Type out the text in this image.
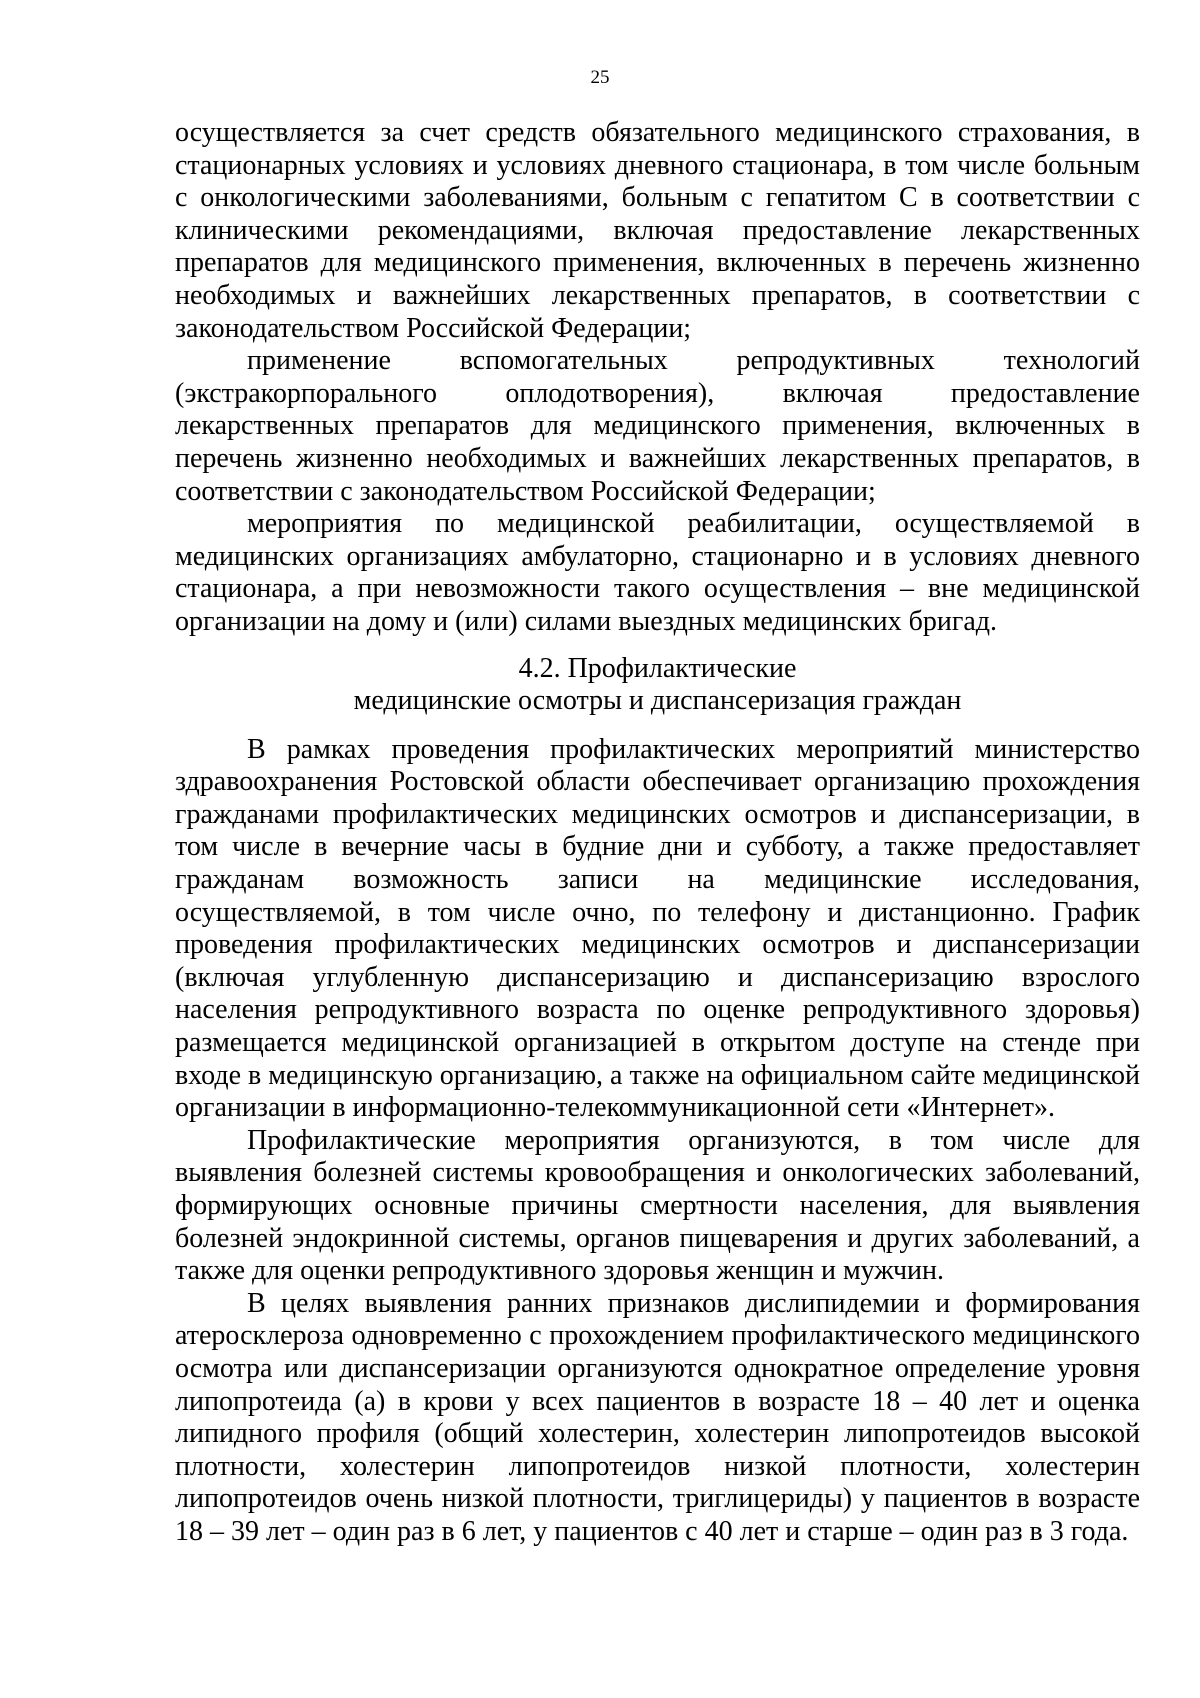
25

осуществляется за счет средств обязательного медицинского страхования, в стационарных условиях и условиях дневного стационара, в том числе больным с онкологическими заболеваниями, больным с гепатитом С в соответствии с клиническими рекомендациями, включая предоставление лекарственных препаратов для медицинского применения, включенных в перечень жизненно необходимых и важнейших лекарственных препаратов, в соответствии с законодательством Российской Федерации;

применение вспомогательных репродуктивных технологий (экстракорпорального оплодотворения), включая предоставление лекарственных препаратов для медицинского применения, включенных в перечень жизненно необходимых и важнейших лекарственных препаратов, в соответствии с законодательством Российской Федерации;

мероприятия по медицинской реабилитации, осуществляемой в медицинских организациях амбулаторно, стационарно и в условиях дневного стационара, а при невозможности такого осуществления – вне медицинской организации на дому и (или) силами выездных медицинских бригад.

4.2. Профилактические
медицинские осмотры и диспансеризация граждан

В рамках проведения профилактических мероприятий министерство здравоохранения Ростовской области обеспечивает организацию прохождения гражданами профилактических медицинских осмотров и диспансеризации, в том числе в вечерние часы в будние дни и субботу, а также предоставляет гражданам возможность записи на медицинские исследования, осуществляемой, в том числе очно, по телефону и дистанционно. График проведения профилактических медицинских осмотров и диспансеризации (включая углубленную диспансеризацию и диспансеризацию взрослого населения репродуктивного возраста по оценке репродуктивного здоровья) размещается медицинской организацией в открытом доступе на стенде при входе в медицинскую организацию, а также на официальном сайте медицинской организации в информационно-телекоммуникационной сети «Интернет».

Профилактические мероприятия организуются, в том числе для выявления болезней системы кровообращения и онкологических заболеваний, формирующих основные причины смертности населения, для выявления болезней эндокринной системы, органов пищеварения и других заболеваний, а также для оценки репродуктивного здоровья женщин и мужчин.

В целях выявления ранних признаков дислипидемии и формирования атеросклероза одновременно с прохождением профилактического медицинского осмотра или диспансеризации организуются однократное определение уровня липопротеида (а) в крови у всех пациентов в возрасте 18 – 40 лет и оценка липидного профиля (общий холестерин, холестерин липопротеидов высокой плотности, холестерин липопротеидов низкой плотности, холестерин липопротеидов очень низкой плотности, триглицериды) у пациентов в возрасте 18 – 39 лет – один раз в 6 лет, у пациентов с 40 лет и старше – один раз в 3 года.
